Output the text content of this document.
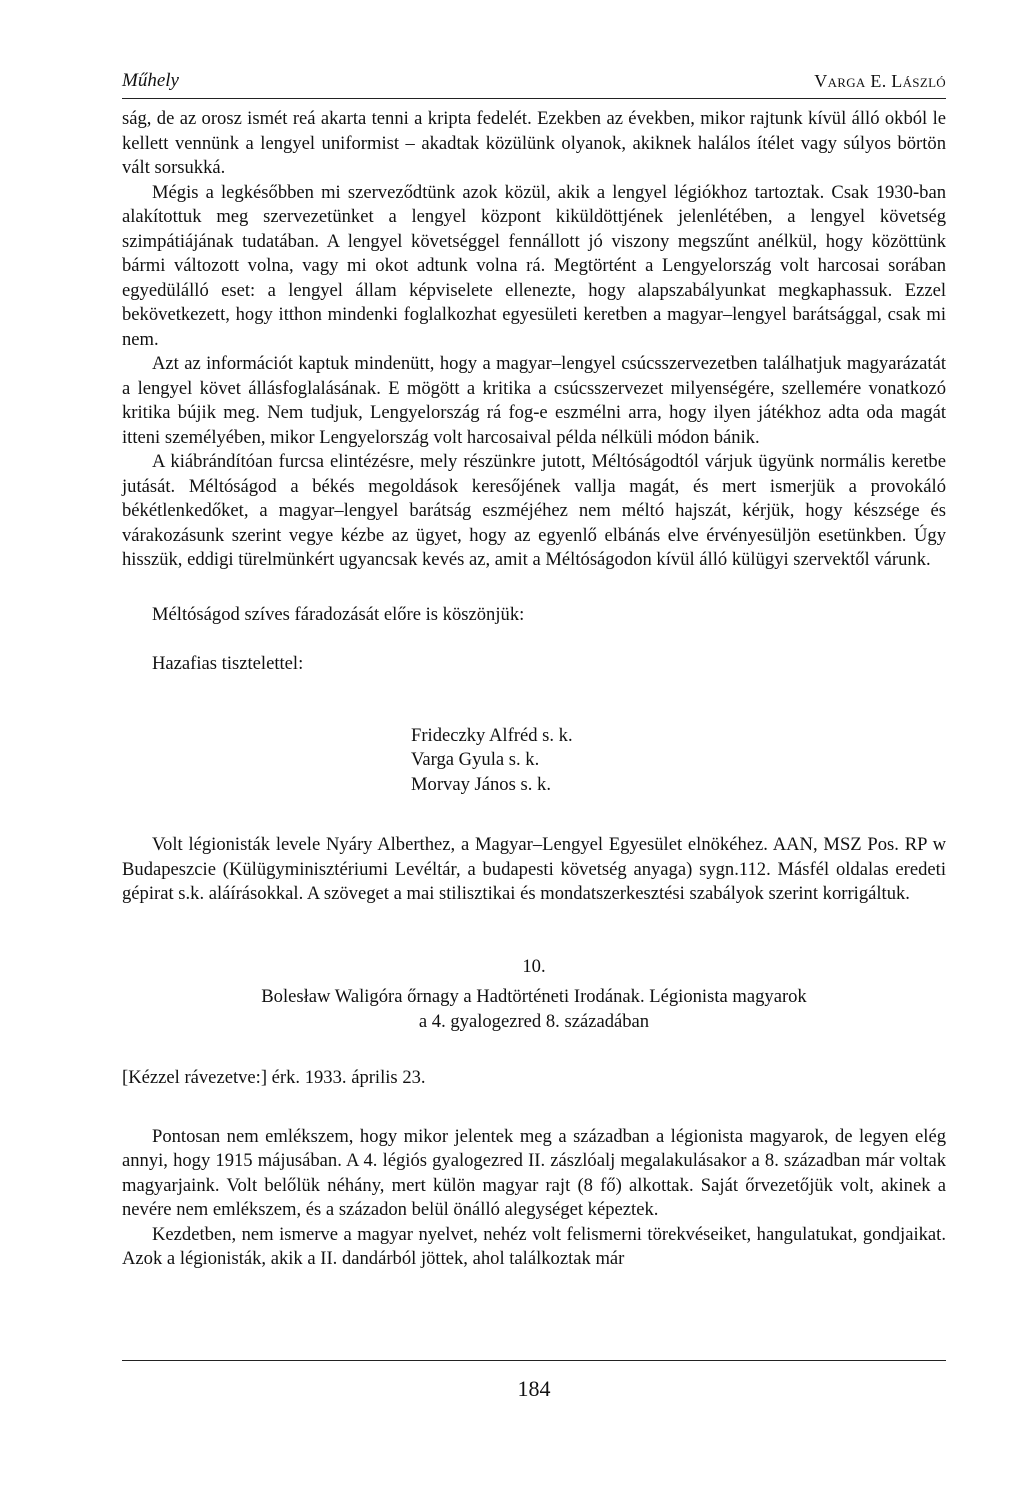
Műhely	Varga E. László

ság, de az orosz ismét reá akarta tenni a kripta fedelét. Ezekben az években, mikor rajtunk kívül álló okból le kellett vennünk a lengyel uniformist – akadtak közülünk olyanok, akiknek halálos ítélet vagy súlyos börtön vált sorsukká.

Mégis a legkésőbben mi szerveződtünk azok közül, akik a lengyel légiókhoz tartoztak. Csak 1930-ban alakítottuk meg szervezetünket a lengyel központ kiküldöttjének jelenlétében, a lengyel követség szimpátiájának tudatában. A lengyel követséggel fennállott jó viszony megszűnt anélkül, hogy közöttünk bármi változott volna, vagy mi okot adtunk volna rá. Megtörtént a Lengyelország volt harcosai sorában egyedülálló eset: a lengyel állam képviselete ellenezte, hogy alapszabályunkat megkaphassuk. Ezzel bekövetkezett, hogy itthon mindenki foglalkozhat egyesületi keretben a magyar–lengyel barátsággal, csak mi nem.

Azt az információt kaptuk mindenütt, hogy a magyar–lengyel csúcsszervezetben találhatjuk magyarázatát a lengyel követ állásfoglalásának. E mögött a kritika a csúcsszervezet milyenségére, szellemére vonatkozó kritika bújik meg. Nem tudjuk, Lengyelország rá fog-e eszmélni arra, hogy ilyen játékhoz adta oda magát itteni személyében, mikor Lengyelország volt harcosaival példa nélküli módon bánik.

A kiábrándítóan furcsa elintézésre, mely részünkre jutott, Méltóságodtól várjuk ügyünk normális keretbe jutását. Méltóságod a békés megoldások keresőjének vallja magát, és mert ismerjük a provokáló békétlenkedőket, a magyar–lengyel barátság eszméjéhez nem méltó hajszát, kérjük, hogy készsége és várakozásunk szerint vegye kézbe az ügyet, hogy az egyenlő elbánás elve érvényesüljön esetünkben. Úgy hisszük, eddigi türelmünkért ugyancsak kevés az, amit a Méltóságodon kívül álló külügyi szervektől várunk.

Méltóságod szíves fáradozását előre is köszönjük:
Hazafias tisztelettel:
Frideczky Alfréd s. k.
Varga Gyula s. k.
Morvay János s. k.

Volt légionisták levele Nyáry Alberthez, a Magyar–Lengyel Egyesület elnökéhez. AAN, MSZ Pos. RP w Budapeszcie (Külügyminisztériumi Levéltár, a budapesti követség anyaga) sygn.112. Másfél oldalas eredeti gépirat s.k. aláírásokkal. A szöveget a mai stilisztikai és mondatszerkesztési szabályok szerint korrigáltuk.

10.
Bolesław Waligóra őrnagy a Hadtörténeti Irodának. Légionista magyarok
a 4. gyalogezred 8. századában
[Kézzel rávezetve:] érk. 1933. április 23.

Pontosan nem emlékszem, hogy mikor jelentek meg a században a légionista magyarok, de legyen elég annyi, hogy 1915 májusában. A 4. légiós gyalogezred II. zászlóalj megalakulásakor a 8. században már voltak magyarjaink. Volt belőlük néhány, mert külön magyar rajt (8 fő) alkottak. Saját őrvezetőjük volt, akinek a nevére nem emlékszem, és a századon belül önálló alegységet képeztek.

Kezdetben, nem ismerve a magyar nyelvet, nehéz volt felismerni törekvéseiket, hangulatukat, gondjaikat. Azok a légionisták, akik a II. dandárból jöttek, ahol találkoztak már

184
